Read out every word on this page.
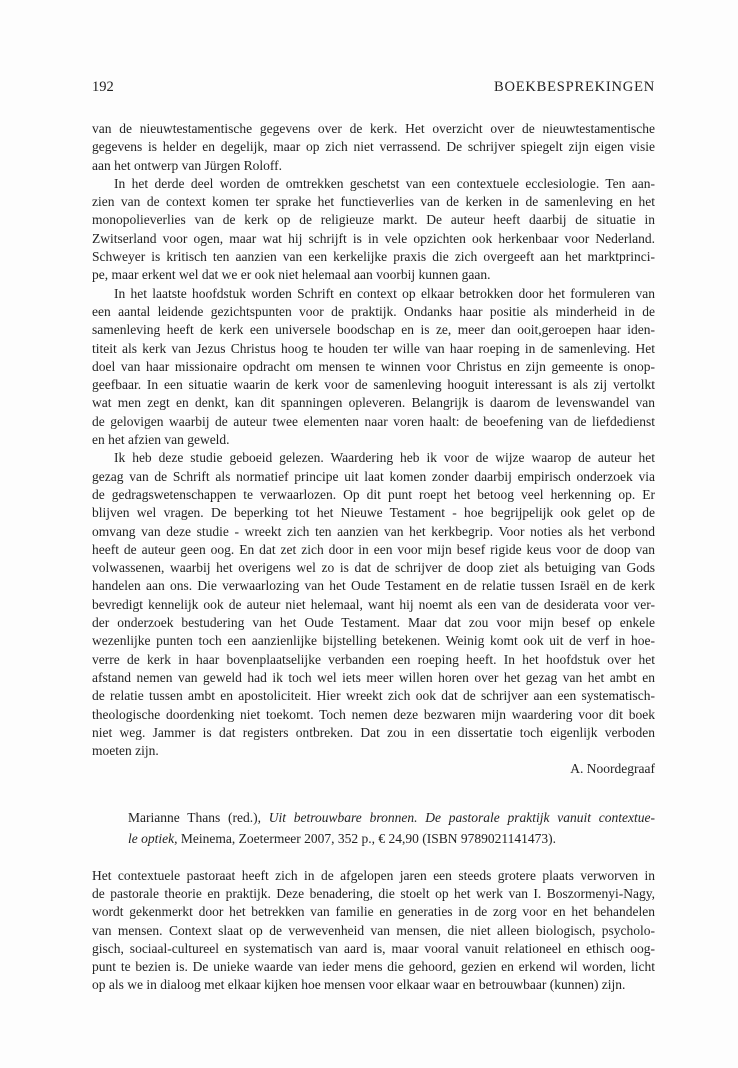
192	BOEKBESPREKINGEN
van de nieuwtestamentische gegevens over de kerk. Het overzicht over de nieuwtestamentische
gegevens is helder en degelijk, maar op zich niet verrassend. De schrijver spiegelt zijn eigen visie
aan het ontwerp van Jürgen Roloff.
In het derde deel worden de omtrekken geschetst van een contextuele ecclesiologie. Ten aan-
zien van de context komen ter sprake het functieverlies van de kerken in de samenleving en het
monopolieverlies van de kerk op de religieuze markt. De auteur heeft daarbij de situatie in
Zwitserland voor ogen, maar wat hij schrijft is in vele opzichten ook herkenbaar voor Nederland.
Schweyer is kritisch ten aanzien van een kerkelijke praxis die zich overgeeft aan het marktprinci-
pe, maar erkent wel dat we er ook niet helemaal aan voorbij kunnen gaan.
In het laatste hoofdstuk worden Schrift en context op elkaar betrokken door het formuleren van
een aantal leidende gezichtspunten voor de praktijk. Ondanks haar positie als minderheid in de
samenleving heeft de kerk een universele boodschap en is ze, meer dan ooit,geroepen haar iden-
titeit als kerk van Jezus Christus hoog te houden ter wille van haar roeping in de samenleving. Het
doel van haar missionaire opdracht om mensen te winnen voor Christus en zijn gemeente is onop-
geefbaar. In een situatie waarin de kerk voor de samenleving hooguit interessant is als zij vertolkt
wat men zegt en denkt, kan dit spanningen opleveren. Belangrijk is daarom de levenswandel van
de gelovigen waarbij de auteur twee elementen naar voren haalt: de beoefening van de liefdedienst
en het afzien van geweld.
Ik heb deze studie geboeid gelezen. Waardering heb ik voor de wijze waarop de auteur het
gezag van de Schrift als normatief principe uit laat komen zonder daarbij empirisch onderzoek via
de gedragswetenschappen te verwaarlozen. Op dit punt roept het betoog veel herkenning op. Er
blijven wel vragen. De beperking tot het Nieuwe Testament - hoe begrijpelijk ook gelet op de
omvang van deze studie - wreekt zich ten aanzien van het kerkbegrip. Voor noties als het verbond
heeft de auteur geen oog. En dat zet zich door in een voor mijn besef rigide keus voor de doop van
volwassenen, waarbij het overigens wel zo is dat de schrijver de doop ziet als betuiging van Gods
handelen aan ons. Die verwaarlozing van het Oude Testament en de relatie tussen Israël en de kerk
bevredigt kennelijk ook de auteur niet helemaal, want hij noemt als een van de desiderata voor ver-
der onderzoek bestudering van het Oude Testament. Maar dat zou voor mijn besef op enkele
wezenlijke punten toch een aanzienlijke bijstelling betekenen. Weinig komt ook uit de verf in hoe-
verre de kerk in haar bovenplaatselijke verbanden een roeping heeft. In het hoofdstuk over het
afstand nemen van geweld had ik toch wel iets meer willen horen over het gezag van het ambt en
de relatie tussen ambt en apostoliciteit. Hier wreekt zich ook dat de schrijver aan een systematisch-
theologische doordenking niet toekomt. Toch nemen deze bezwaren mijn waardering voor dit boek
niet weg. Jammer is dat registers ontbreken. Dat zou in een dissertatie toch eigenlijk verboden
moeten zijn.
A. Noordegraaf
Marianne Thans (red.), Uit betrouwbare bronnen. De pastorale praktijk vanuit contextue-
le optiek, Meinema, Zoetermeer 2007, 352 p., € 24,90 (ISBN 9789021141473).
Het contextuele pastoraat heeft zich in de afgelopen jaren een steeds grotere plaats verworven in
de pastorale theorie en praktijk. Deze benadering, die stoelt op het werk van I. Boszormenyi-Nagy,
wordt gekenmerkt door het betrekken van familie en generaties in de zorg voor en het behandelen
van mensen. Context slaat op de verwevenheid van mensen, die niet alleen biologisch, psycholo-
gisch, sociaal-cultureel en systematisch van aard is, maar vooral vanuit relationeel en ethisch oog-
punt te bezien is. De unieke waarde van ieder mens die gehoord, gezien en erkend wil worden, licht
op als we in dialoog met elkaar kijken hoe mensen voor elkaar waar en betrouwbaar (kunnen) zijn.
